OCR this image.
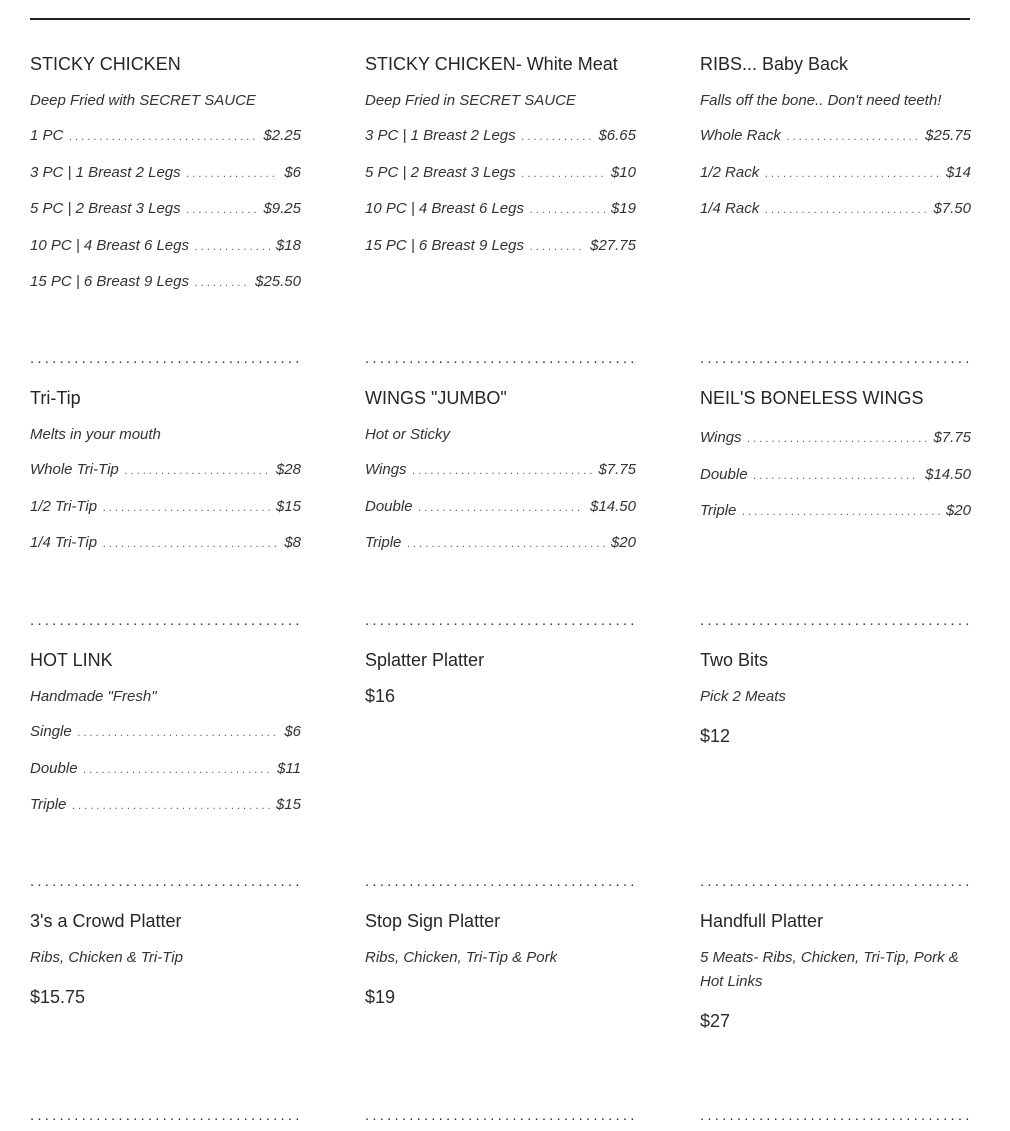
STICKY CHICKEN
Deep Fried with SECRET SAUCE
1 PC . . .	$2.25
3 PC | 1 Breast 2 Legs . . .	$6
5 PC | 2 Breast 3 Legs . . .	$9.25
10 PC | 4 Breast 6 Legs . . .	$18
15 PC | 6 Breast 9 Legs . . .	$25.50
.....
STICKY CHICKEN- White Meat
Deep Fried in SECRET SAUCE
3 PC | 1 Breast 2 Legs . . .	$6.65
5 PC | 2 Breast 3 Legs . . .	$10
10 PC | 4 Breast 6 Legs . . .	$19
15 PC | 6 Breast 9 Legs . . .	$27.75
.....
RIBS... Baby Back
Falls off the bone.. Don't need teeth!
Whole Rack . . .	$25.75
1/2 Rack . . .	$14
1/4 Rack . . .	$7.50
.....
Tri-Tip
Melts in your mouth
Whole Tri-Tip . . .	$28
1/2 Tri-Tip . . .	$15
1/4 Tri-Tip . . .	$8
.....
WINGS "JUMBO"
Hot or Sticky
Wings . . .	$7.75
Double . . .	$14.50
Triple . . .	$20
.....
NEIL'S BONELESS WINGS
Wings . . .	$7.75
Double . . .	$14.50
Triple . . .	$20
.....
HOT LINK
Handmade "Fresh"
Single . . .	$6
Double . . .	$11
Triple . . .	$15
.....
Splatter Platter
$16
.....
Two Bits
Pick 2 Meats
$12
.....
3's a Crowd Platter
Ribs, Chicken & Tri-Tip
$15.75
.....
Stop Sign Platter
Ribs, Chicken, Tri-Tip & Pork
$19
.....
Handfull Platter
5 Meats- Ribs, Chicken, Tri-Tip, Pork & Hot Links
$27
.....
